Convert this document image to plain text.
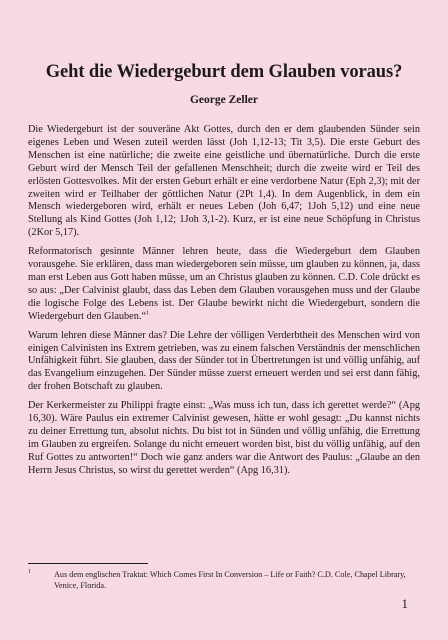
Geht die Wiedergeburt dem Glauben voraus?
George Zeller

Die Wiedergeburt ist der souveräne Akt Gottes, durch den er dem glaubenden Sünder sein eigenes Leben und Wesen zuteil werden lässt (Joh 1,12-13; Tit 3,5). Die erste Geburt des Menschen ist eine natürliche; die zweite eine geistliche und übernatürliche. Durch die erste Geburt wird der Mensch Teil der gefallenen Menschheit; durch die zweite wird er Teil des erlösten Gottesvolkes. Mit der ersten Geburt erhält er eine verdorbene Natur (Eph 2,3); mit der zweiten wird er Teilhaber der göttlichen Natur (2Pt 1,4). In dem Augenblick, in dem ein Mensch wiedergeboren wird, erhält er neues Leben (Joh 6,47; 1Joh 5,12) und eine neue Stellung als Kind Gottes (Joh 1,12; 1Joh 3,1-2). Kurz, er ist eine neue Schöpfung in Christus (2Kor 5,17).

Reformatorisch gesinnte Männer lehren heute, dass die Wiedergeburt dem Glauben vorausgehe. Sie erklären, dass man wiedergeboren sein müsse, um glauben zu können, ja, dass man erst Leben aus Gott haben müsse, um an Christus glauben zu können. C.D. Cole drückt es so aus: „Der Calvinist glaubt, dass das Leben dem Glauben vorausgehen muss und der Glaube die logische Folge des Lebens ist. Der Glaube bewirkt nicht die Wiedergeburt, sondern die Wiedergeburt den Glauben.“$^1$

Warum lehren diese Männer das? Die Lehre der völligen Verderbtheit des Menschen wird von einigen Calvinisten ins Extrem getrieben, was zu einem falschen Verständnis der menschlichen Unfähigkeit führt. Sie glauben, dass der Sünder tot in Übertretungen ist und völlig unfähig, auf das Evangelium einzugehen. Der Sünder müsse zuerst erneuert werden und sei erst dann fähig, der frohen Botschaft zu glauben.

Der Kerkermeister zu Philippi fragte einst: „Was muss ich tun, dass ich gerettet werde?“ (Apg 16,30). Wäre Paulus ein extremer Calvinist gewesen, hätte er wohl gesagt: „Du kannst nichts zu deiner Errettung tun, absolut nichts. Du bist tot in Sünden und völlig unfähig, die Errettung im Glauben zu ergreifen. Solange du nicht erneuert worden bist, bist du völlig unfähig, auf den Ruf Gottes zu antworten!“ Doch wie ganz anders war die Antwort des Paulus: „Glaube an den Herrn Jesus Christus, so wirst du gerettet werden“ (Apg 16,31).

1	Aus dem englischen Traktat: Which Comes First In Conversion – Life or Faith? C.D. Cole, Chapel Library, Venice, Florida.
1
